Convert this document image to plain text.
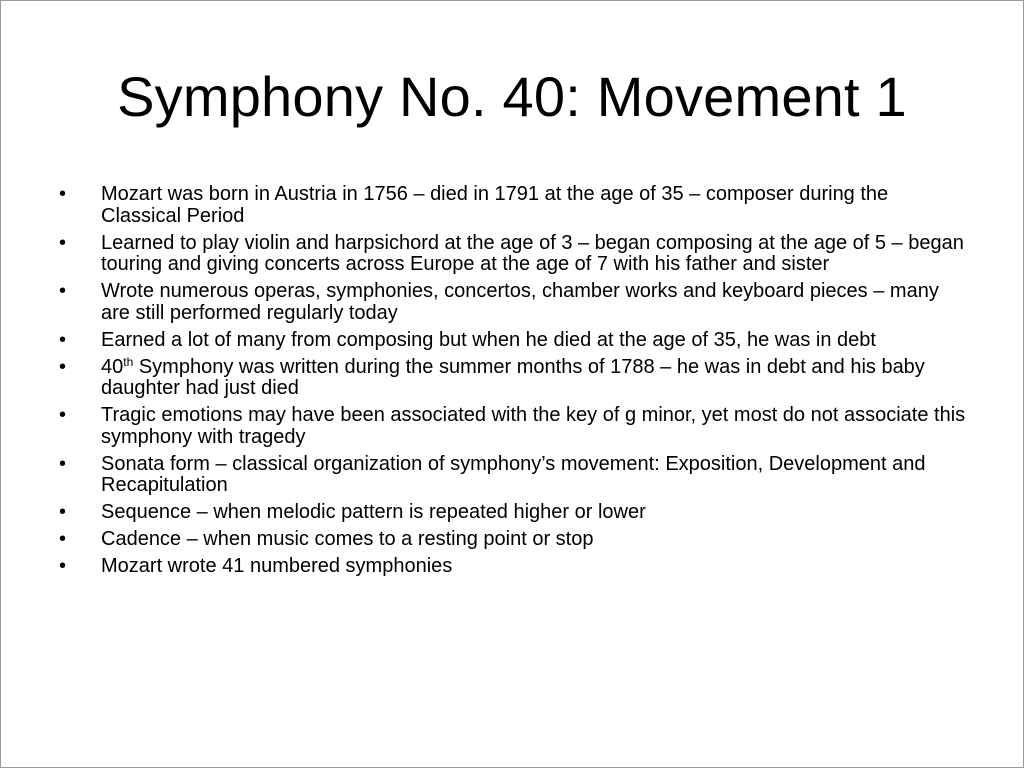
Symphony No. 40: Movement 1
•	Mozart was born in Austria in 1756 – died in 1791 at the age of 35 – composer during the Classical Period
•	Learned to play violin and harpsichord at the age of 3 – began composing at the age of 5 – began touring and giving concerts across Europe at the age of 7 with his father and sister
•	Wrote numerous operas, symphonies, concertos, chamber works and keyboard pieces – many are still performed regularly today
•	Earned a lot of many from composing but when he died at the age of 35, he was in debt
•	40th Symphony was written during the summer months of 1788 – he was in debt and his baby daughter had just died
•	Tragic emotions may have been associated with the key of g minor, yet most do not associate this symphony with tragedy
•	Sonata form – classical organization of symphony’s movement: Exposition, Development and Recapitulation
•	Sequence – when melodic pattern is repeated higher or lower
•	Cadence – when music comes to a resting point or stop
•	Mozart wrote 41 numbered symphonies
